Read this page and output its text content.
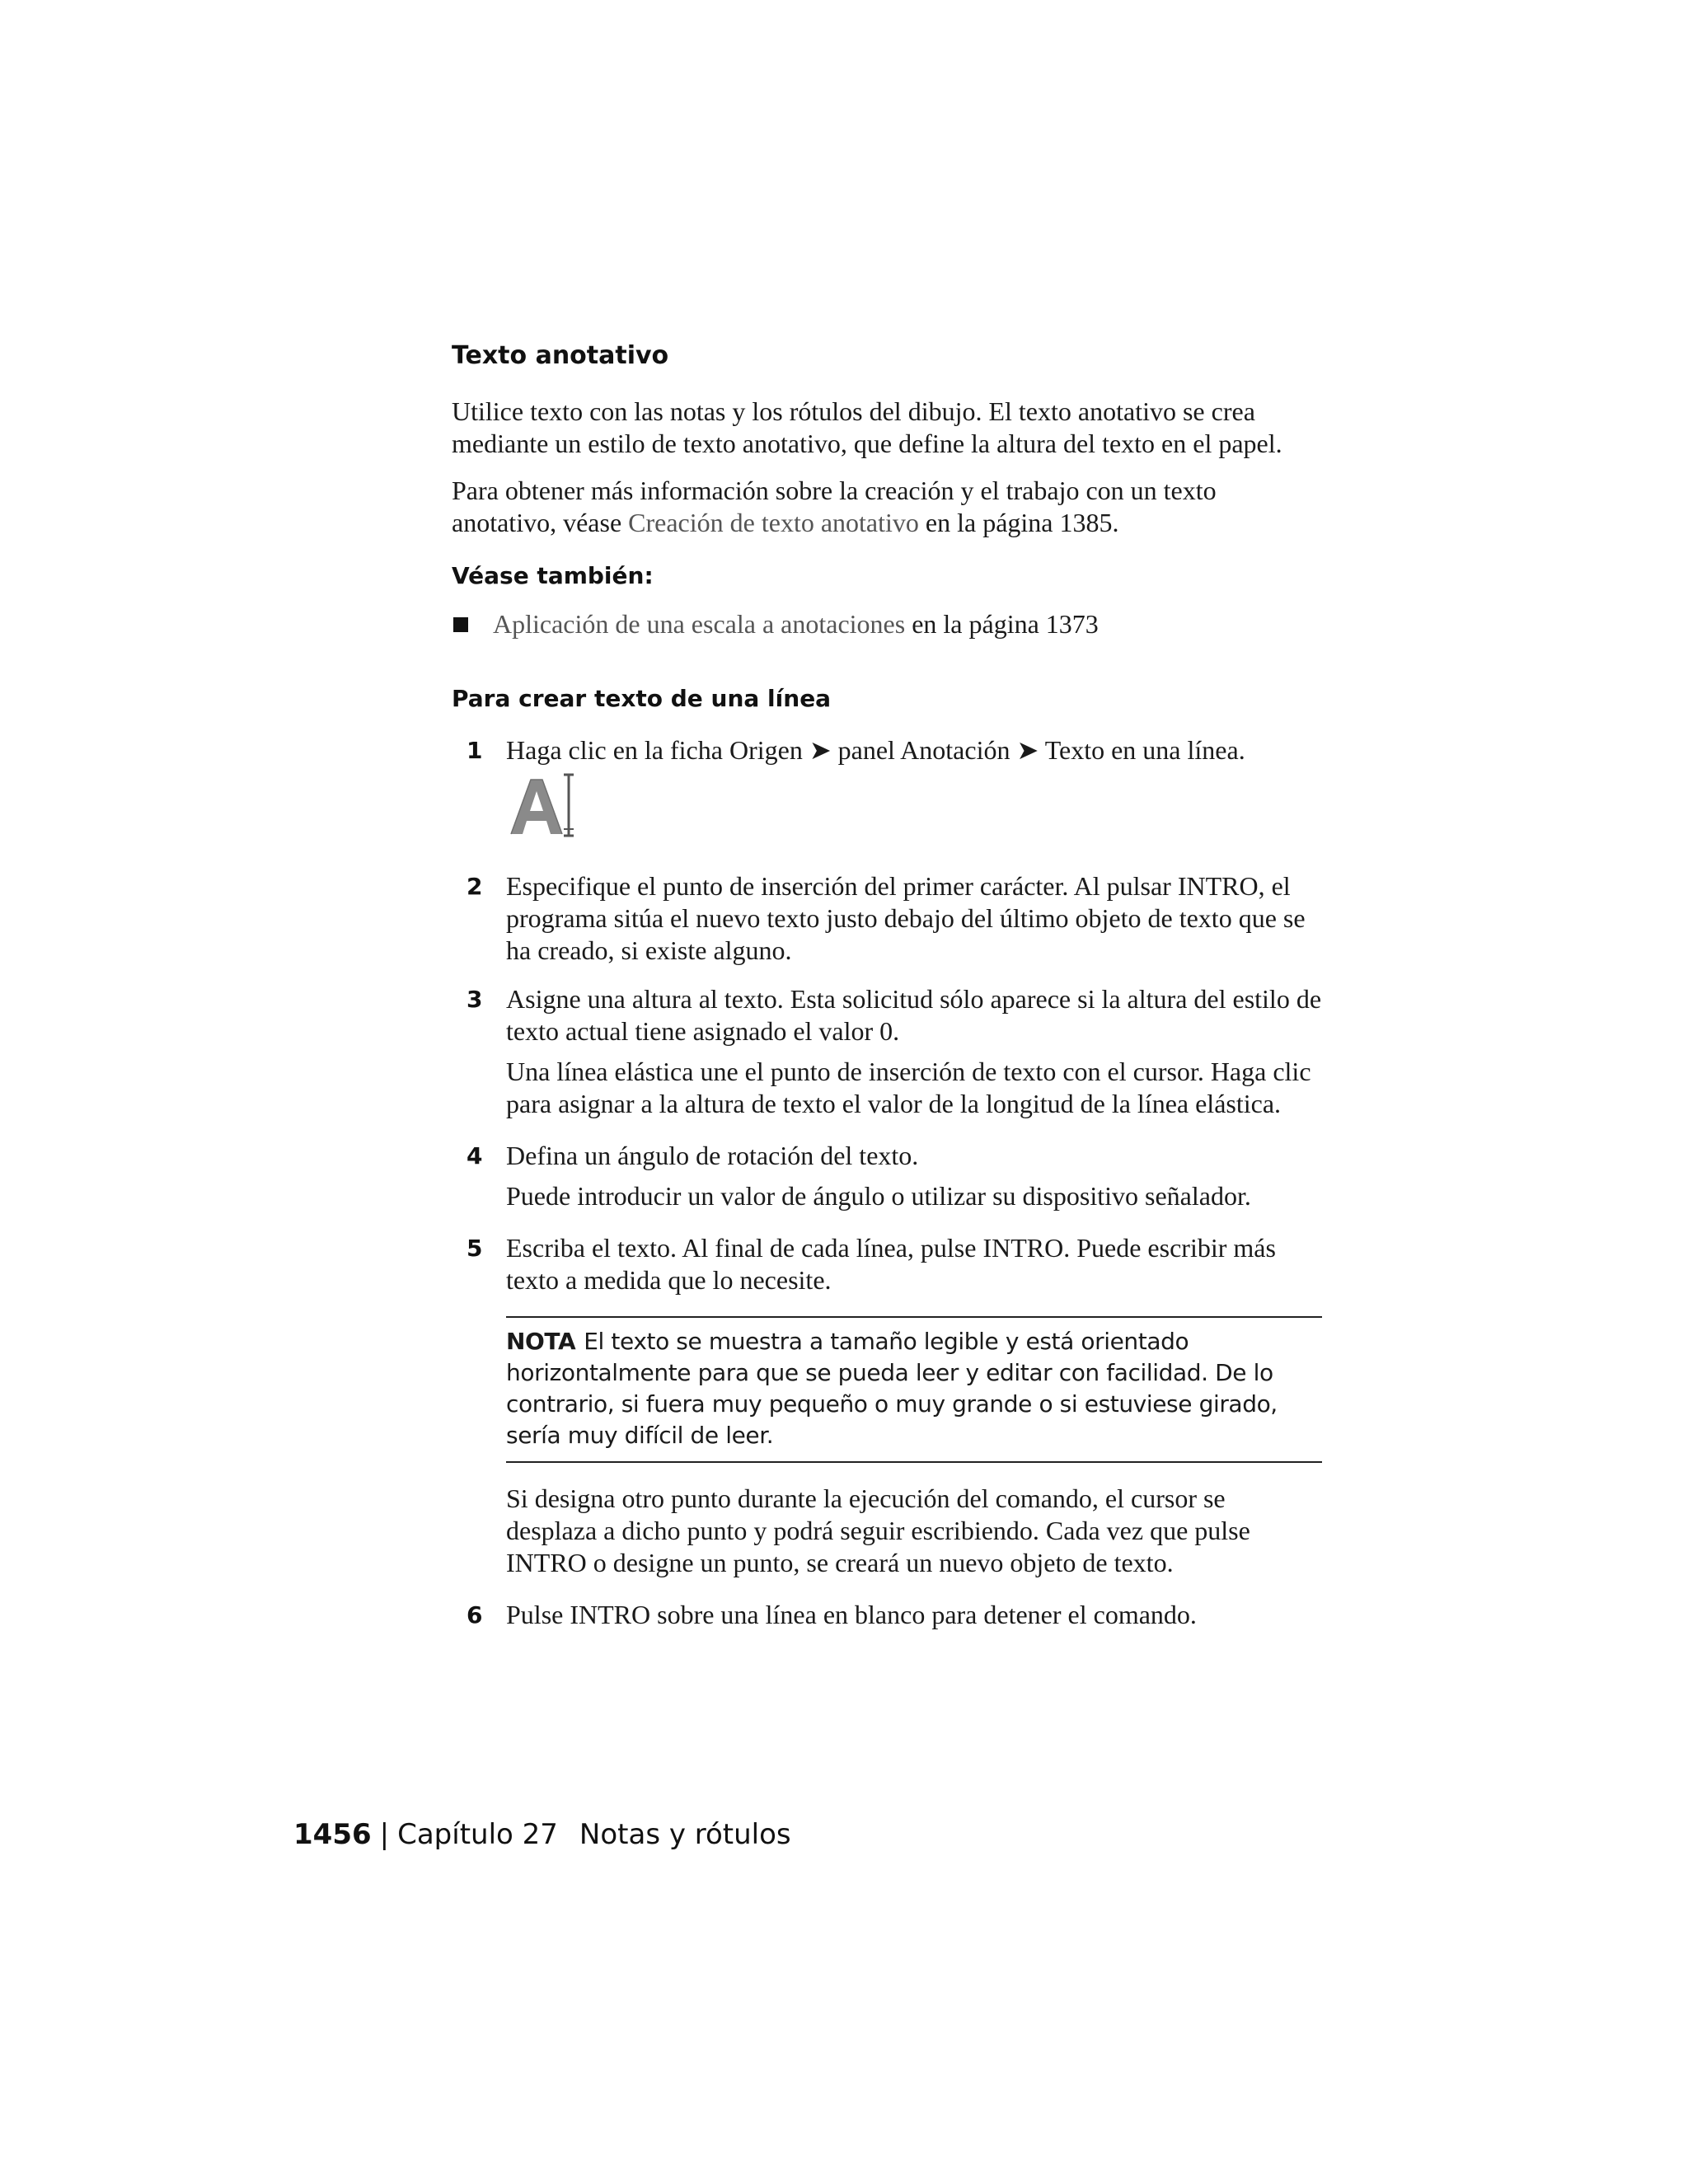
Texto anotativo

Utilice texto con las notas y los rótulos del dibujo. El texto anotativo se crea mediante un estilo de texto anotativo, que define la altura del texto en el papel.

Para obtener más información sobre la creación y el trabajo con un texto anotativo, véase Creación de texto anotativo en la página 1385.

Véase también:

Aplicación de una escala a anotaciones en la página 1373

Para crear texto de una línea
1 Haga clic en la ficha Origen ➤ panel Anotación ➤ Texto en una línea.

2 Especifique el punto de inserción del primer carácter. Al pulsar INTRO, el programa sitúa el nuevo texto justo debajo del último objeto de texto que se ha creado, si existe alguno.

3 Asigne una altura al texto. Esta solicitud sólo aparece si la altura del estilo de texto actual tiene asignado el valor 0.

Una línea elástica une el punto de inserción de texto con el cursor. Haga clic para asignar a la altura de texto el valor de la longitud de la línea elástica.

4 Defina un ángulo de rotación del texto.

Puede introducir un valor de ángulo o utilizar su dispositivo señalador.

5 Escriba el texto. Al final de cada línea, pulse INTRO. Puede escribir más texto a medida que lo necesite.

NOTA El texto se muestra a tamaño legible y está orientado horizontalmente para que se pueda leer y editar con facilidad. De lo contrario, si fuera muy pequeño o muy grande o si estuviese girado, sería muy difícil de leer.

Si designa otro punto durante la ejecución del comando, el cursor se desplaza a dicho punto y podrá seguir escribiendo. Cada vez que pulse INTRO o designe un punto, se creará un nuevo objeto de texto.

6 Pulse INTRO sobre una línea en blanco para detener el comando.

1456 | Capítulo 27 Notas y rótulos
